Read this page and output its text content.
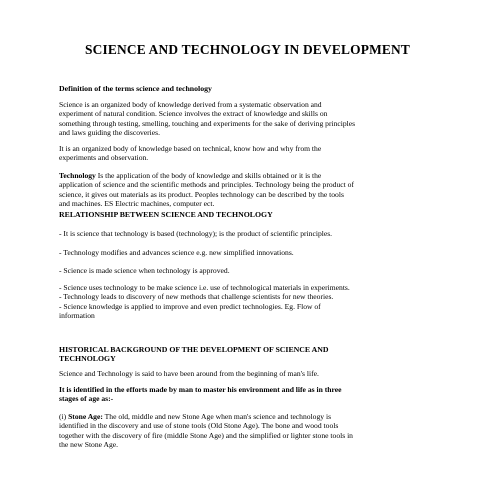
SCIENCE AND TECHNOLOGY IN DEVELOPMENT
Definition of the terms science and technology
Science is an organized body of knowledge derived from a systematic observation and
experiment of natural condition. Science involves the extract of knowledge and skills on
something through testing, smelling, touching and experiments for the sake of deriving principles
and laws guiding the discoveries.
It is an organized body of knowledge based on technical, know how and why from the
experiments and observation.
Technology Is the application of the body of knowledge and skills obtained or it is the
application of science and the scientific methods and principles. Technology being the product of
science, it gives out materials as its product. Peoples technology can be described by the tools
and machines. ES Electric machines, computer ect.
RELATIONSHIP BETWEEN SCIENCE AND TECHNOLOGY
- It is science that technology is based (technology); is the product of scientific principles.
- Technology modifies and advances science e.g. new simplified innovations.
- Science is made science when technology is approved.
- Science uses technology to be make science i.e. use of technological materials in experiments.
- Technology leads to discovery of new methods that challenge scientists for new theories.
- Science knowledge is applied to improve and even predict technologies. Eg. Flow of
information
HISTORICAL BACKGROUND OF THE DEVELOPMENT OF SCIENCE AND
TECHNOLOGY
Science and Technology is said to have been around from the beginning of man's life.
It is identified in the efforts made by man to master his environment and life as in three
stages of age as:-
(i) Stone Age: The old, middle and new Stone Age when man's science and technology is
identified in the discovery and use of stone tools (Old Stone Age). The bone and wood tools
together with the discovery of fire (middle Stone Age) and the simplified or lighter stone tools in
the new Stone Age.
